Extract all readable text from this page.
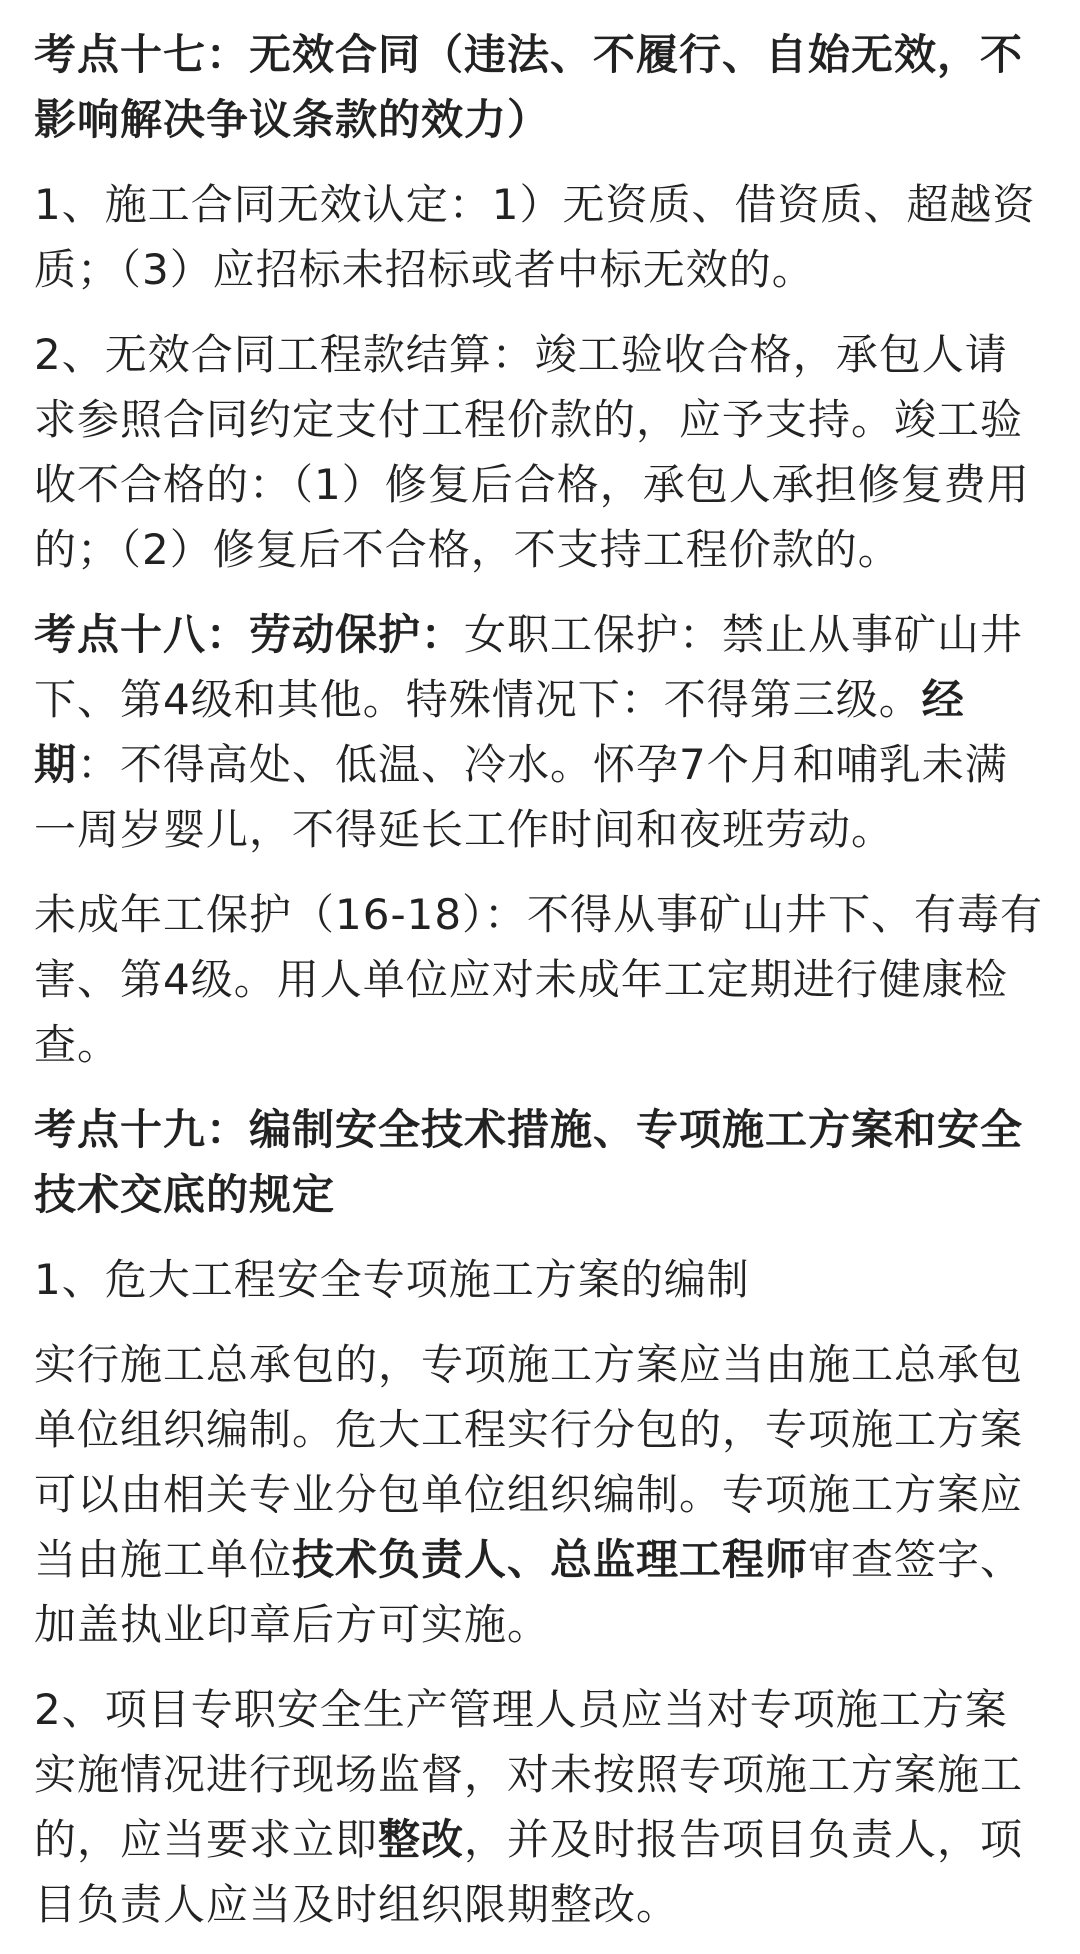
考点十七：无效合同（违法、不履行、自始无效，不影响解决争议条款的效力）

1、施工合同无效认定：1）无资质、借资质、超越资质；（3）应招标未招标或者中标无效的。

2、无效合同工程款结算：竣工验收合格，承包人请求参照合同约定支付工程价款的，应予支持。竣工验收不合格的：（1）修复后合格，承包人承担修复费用的；（2）修复后不合格，不支持工程价款的。

考点十八：劳动保护：女职工保护：禁止从事矿山井下、第4级和其他。特殊情况下：不得第三级。经期：不得高处、低温、冷水。怀孕7个月和哺乳未满一周岁婴儿，不得延长工作时间和夜班劳动。

未成年工保护（16-18）：不得从事矿山井下、有毒有害、第4级。用人单位应对未成年工定期进行健康检查。

考点十九：编制安全技术措施、专项施工方案和安全技术交底的规定

1、危大工程安全专项施工方案的编制

实行施工总承包的，专项施工方案应当由施工总承包单位组织编制。危大工程实行分包的，专项施工方案可以由相关专业分包单位组织编制。专项施工方案应当由施工单位技术负责人、总监理工程师审查签字、加盖执业印章后方可实施。

2、项目专职安全生产管理人员应当对专项施工方案实施情况进行现场监督，对未按照专项施工方案施工的，应当要求立即整改，并及时报告项目负责人，项目负责人应当及时组织限期整改。
